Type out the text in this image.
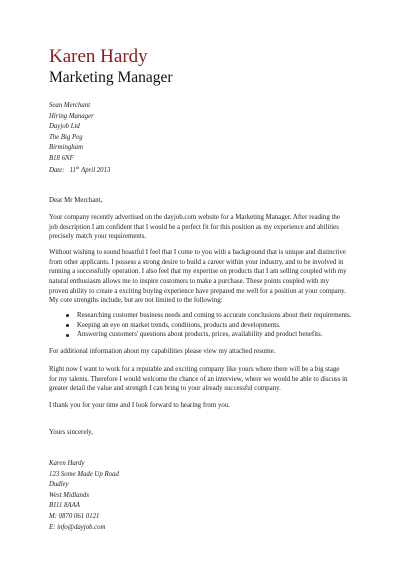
Karen Hardy
Marketing Manager
Sean Merchant
Hiring Manager
Dayjob Ltd
The Big Peg
Birmingham
B18 6NF
Date: 11th April 2013
Dear Mr Merchant,
Your company recently advertised on the dayjob.com website for a Marketing Manager. After reading the
job description I am confident that I would be a perfect fit for this position as my experience and abilities
precisely match your requirements.
Without wishing to sound boastful I feel that I come to you with a background that is unique and distinctive
from other applicants. I possess a strong desire to build a career within your industry, and to be involved in
running a successfully operation. I also feel that my expertise on products that I am selling coupled with my
natural enthusiasm allows me to inspire customers to make a purchase. These points coupled with my
proven ability to create a exciting buying experience have prepared me well for a position at your company.
My core strengths include, but are not limited to the following:
Researching customer business needs and coming to accurate conclusions about their requirements.
Keeping an eye on market trends, conditions, products and developments.
Answering customers' questions about products, prices, availability and product benefits.
For additional information about my capabilities please view my attached resume.
Right now I want to work for a reputable and exciting company like yours where there will be a big stage
for my talents. Therefore I would welcome the chance of an interview, where we would be able to discuss in
greater detail the value and strength I can bring to your already successful company.
I thank you for your time and I look forward to hearing from you.
Yours sincerely,
Karen Hardy
123 Some Made Up Road
Dudley
West Midlands
B111 8AAA
M: 0870 061 0121
E: info@dayjob.com
